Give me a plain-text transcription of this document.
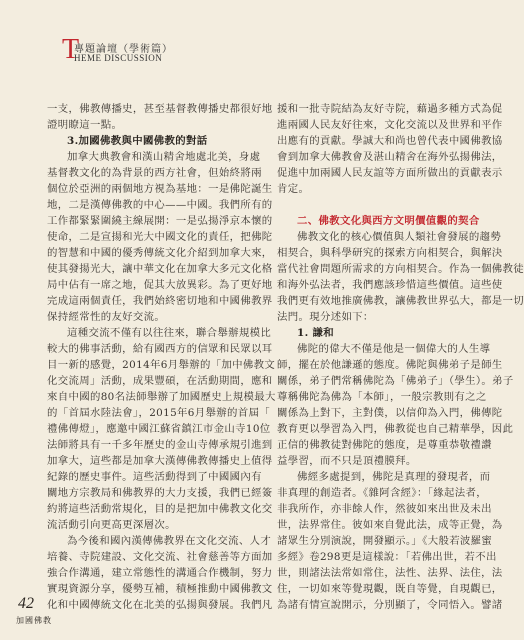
T
專題論壇（學術篇）
HEME DISCUSSION
一支，佛教傳播史，甚至基督教傳播史都很好地
證明瞭這一點。
3.加國佛教與中國佛教的對話
加拿大典教會和漢山精舍地處北美，身處
基督教文化的為背景的西方社會，但始終將兩
個位於亞洲的兩個地方視為基地：一是佛陀誕生
地，二是漢傳佛教的中心——中國。我們所有的
工作都緊緊圍繞主線展開：一是弘揚淨京本懷的
使命，二是宣揚和光大中國文化的責任，把佛陀
的智慧和中國的優秀傳統文化介紹到加拿大來，
使其發揚光大，讓中華文化在加拿大多元文化格
局中佔有一席之地，促其大放異彩。為了更好地
完成這兩個責任，我們始終密切地和中國佛教界
保持經常性的友好交流。
這種交流不僅有以往往來，聯合舉辦規模比
較大的佛事活動，給有國西方的信眾和民眾以耳
目一新的感覺，2014年6月舉辦的「加中佛教文
化交流周」活動，成果豐碩，在活動期間，應和
來自中國的80名法師舉辦了加國歷史上規模最大
的「首屆水陸法會」，2015年6月舉辦的首屆「
禮佛傳燈」，應邀中國江蘇省鎮江市金山寺10位
法師將具有一千多年歷史的金山寺傳承規引進到
加拿大，這些都是加拿大漢傳佛教傳播史上值得
紀錄的歷史事件。這些活動得到了中國國內有
關地方宗教局和佛教界的大力支援，我們已經簽
約將這些活動常規化，目的是把加中佛教文化交
流活動引向更高更深層次。
為今後和國內漢傳佛教界在文化交流、人才
培養、寺院建設、文化交流、社會慈善等方面加
強合作溝通，建立常態性的溝通合作機制，努力
實現資源分享，優勢互補，積極推動中國佛教文
化和中國傳統文化在北美的弘揚與發展。我們凡
援和一批寺院結為友好寺院，藉過多種方式為促
進兩國人民友好往來，文化交流以及世界和平作
出應有的貢獻。學誠大和尚也曾代表中國佛教協
會到加拿大佛教會及湛山精舍在海外弘揚佛法，
促進中加兩國人民友誼等方面所做出的貢獻表示
肯定。
二、佛教文化與西方文明價值觀的契合
佛教文化的核心價值與人類社會發展的趨勢
相契合，與科學研究的探索方向相契合，與解決
當代社會問題所需求的方向相契合。作為一個佛教徒
和海外弘法者，我們應該珍惜這些價值。這些使
我們更有效地推廣佛教，讓佛教世界弘大，都是一切
法門。現分述如下：
1. 謙和
佛陀的偉大不僅是他是一個偉大的人生導
師，擺在於他謙遜的態度。佛陀與佛弟子是師生
關係，弟子們常稱佛陀為「佛弟子」（學生）。弟子
尊稱佛陀為佛為「本師」，一般宗教則有之之
關係為上對下，主對僕，以信仰為入門，佛傳陀
教育更以學習為入門，佛教從也自己精華學，因此
正信的佛教徒對佛陀的態度，是尊重恭敬禮讚
益學習，而不只是頂禮膜拜。
佛經多處提到，佛陀是真理的發現者，而
非真理的創造者。《雜阿含經》：「緣起法者，
非我所作，亦非餘人作，然彼如來出世及未出
世，法界常住。彼如來自覺此法，成等正覺，為
諸眾生分別演說，開發顯示。」《大般若波羅蜜
多經》卷298更是這樣說：「若佛出世，若不出
世，則諸法法常如常住，法性、法界、法住，法
住，一切如來等覺現觀，既自等覺，自現觀已，
為諸有情宣說開示，分別顯了，令同悟入。譬諸
42
加國佛教
